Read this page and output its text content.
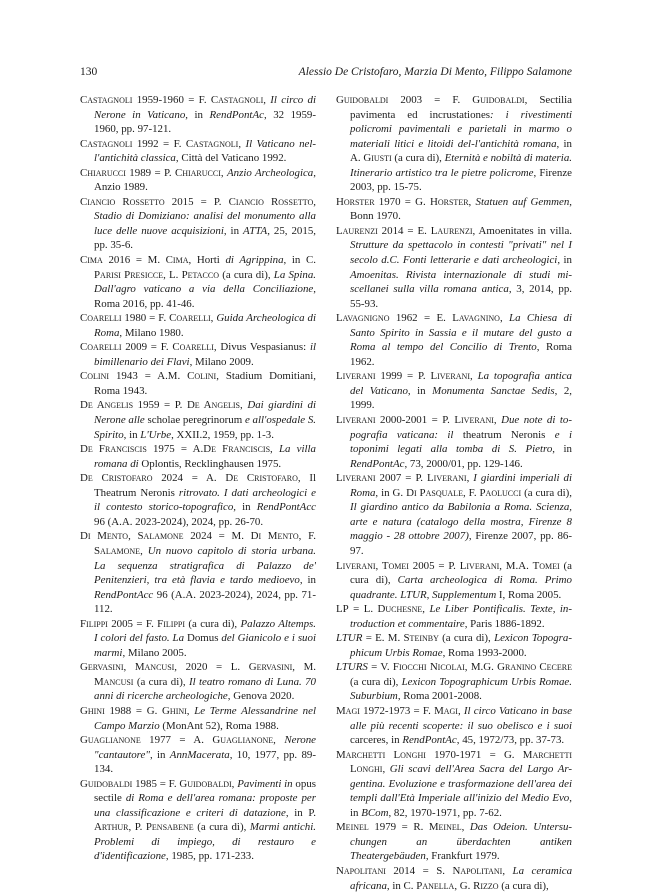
130	Alessio De Cristofaro, Marzia Di Mento, Filippo Salamone

Castagnoli 1959-1960 = F. Castagnoli, Il circo di Nerone in Vaticano, in RendPontAc, 32 1959-1960, pp. 97-121.

Castagnoli 1992 = F. Castagnoli, Il Vaticano nel-l'antichità classica, Città del Vaticano 1992.

Chiarucci 1989 = P. Chiarucci, Anzio Archeologica, Anzio 1989.

Ciancio Rossetto 2015 = P. Ciancio Rossetto, Stadio di Domiziano: analisi del monumento alla luce delle nuove acquisizioni, in ATTA, 25, 2015, pp. 35-6.

Cima 2016 = M. Cima, Horti di Agrippina, in C. Parisi Presicce, L. Petacco (a cura di), La Spina. Dall'agro vaticano a via della Conciliazione, Roma 2016, pp. 41-46.

Coarelli 1980 = F. Coarelli, Guida Archeologica di Roma, Milano 1980.

Coarelli 2009 = F. Coarelli, Divus Vespasianus: il bimillenario dei Flavi, Milano 2009.

Colini 1943 = A.M. Colini, Stadium Domitiani, Roma 1943.

De Angelis 1959 = P. De Angelis, Dai giardini di Nerone alle scholae peregrinorum e all'ospedale S. Spirito, in L'Urbe, XXII.2, 1959, pp. 1-3.

De Franciscis 1975 = A.De Franciscis, La villa romana di Oplontis, Recklinghausen 1975.

De Cristofaro 2024 = A. De Cristofaro, Il Theatrum Neronis ritrovato. I dati archeologici e il contesto storico-topografico, in RendPontAcc 96 (A.A. 2023-2024), 2024, pp. 26-70.

Di Mento, Salamone 2024 = M. Di Mento, F. Salamone, Un nuovo capitolo di storia urbana. La sequenza stratigrafica di Palazzo de' Penitenzieri, tra età flavia e tardo medioevo, in RendPontAcc 96 (A.A. 2023-2024), 2024, pp. 71-112.

Filippi 2005 = F. Filippi (a cura di), Palazzo Altemps. I colori del fasto. La Domus del Gianicolo e i suoi marmi, Milano 2005.

Gervasini, Mancusi, 2020 = L. Gervasini, M. Mancusi (a cura di), Il teatro romano di Luna. 70 anni di ricerche archeologiche, Genova 2020.

Ghini 1988 = G. Ghini, Le Terme Alessandrine nel Campo Marzio (MonAnt 52), Roma 1988.

Guaglianone 1977 = A. Guaglianone, Nerone "cantautore", in AnnMacerata, 10, 1977, pp. 89-134.

Guidobaldi 1985 = F. Guidobaldi, Pavimenti in opus sectile di Roma e dell'area romana: proposte per una classificazione e criteri di datazione, in P. Arthur, P. Pensabene (a cura di), Marmi antichi. Problemi di impiego, di restauro e d'identificazione, 1985, pp. 171-233.

Guidobaldi 2003 = F. Guidobaldi, Sectilia pavimenta ed incrustationes: i rivestimenti policromi pavimentali e parietali in marmo o materiali litici e litoidi del-l'antichità romana, in A. Giusti (a cura di), Eternità e nobiltà di materia. Itinerario artistico tra le pietre policrome, Firenze 2003, pp. 15-75.

Horster 1970 = G. Horster, Statuen auf Gemmen, Bonn 1970.

Laurenzi 2014 = E. Laurenzi, Amoenitates in villa. Strutture da spettacolo in contesti "privati" nel I secolo d.C. Fonti letterarie e dati archeologici, in Amoenitas. Rivista internazionale di studi mi-scellanei sulla villa romana antica, 3, 2014, pp. 55-93.

Lavagnigno 1962 = E. Lavagnino, La Chiesa di Santo Spirito in Sassia e il mutare del gusto a Roma al tempo del Concilio di Trento, Roma 1962.

Liverani 1999 = P. Liverani, La topografia antica del Vaticano, in Monumenta Sanctae Sedis, 2, 1999.

Liverani 2000-2001 = P. Liverani, Due note di to-pografia vaticana: il theatrum Neronis e i toponimi legati alla tomba di S. Pietro, in RendPontAc, 73, 2000/01, pp. 129-146.

Liverani 2007 = P. Liverani, I giardini imperiali di Roma, in G. Di Pasquale, F. Paolucci (a cura di), Il giardino antico da Babilonia a Roma. Scienza, arte e natura (catalogo della mostra, Firenze 8 maggio - 28 ottobre 2007), Firenze 2007, pp. 86-97.

Liverani, Tomei 2005 = P. Liverani, M.A. Tomei (a cura di), Carta archeologica di Roma. Primo quadrante. LTUR, Supplementum I, Roma 2005.

LP = L. Duchesne, Le Liber Pontificalis. Texte, in-troduction et commentaire, Paris 1886-1892.

LTUR = E. M. Steinby (a cura di), Lexicon Topogra-phicum Urbis Romae, Roma 1993-2000.

LTURS = V. Fiocchi Nicolai, M.G. Granino Cecere (a cura di), Lexicon Topographicum Urbis Romae. Suburbium, Roma 2001-2008.

Magi 1972-1973 = F. Magi, Il circo Vaticano in base alle più recenti scoperte: il suo obelisco e i suoi carceres, in RendPontAc, 45, 1972/73, pp. 37-73.

Marchetti Longhi 1970-1971 = G. Marchetti Longhi, Gli scavi dell'Area Sacra del Largo Ar-gentina. Evoluzione e trasformazione dell'area dei templi dall'Età Imperiale all'inizio del Medio Evo, in BCom, 82, 1970-1971, pp. 7-62.

Meinel 1979 = R. Meinel, Das Odeion. Untersu-chungen an überdachten antiken Theatergebäuden, Frankfurt 1979.

Napolitani 2014 = S. Napolitani, La ceramica africana, in C. Panella, G. Rizzo (a cura di),
